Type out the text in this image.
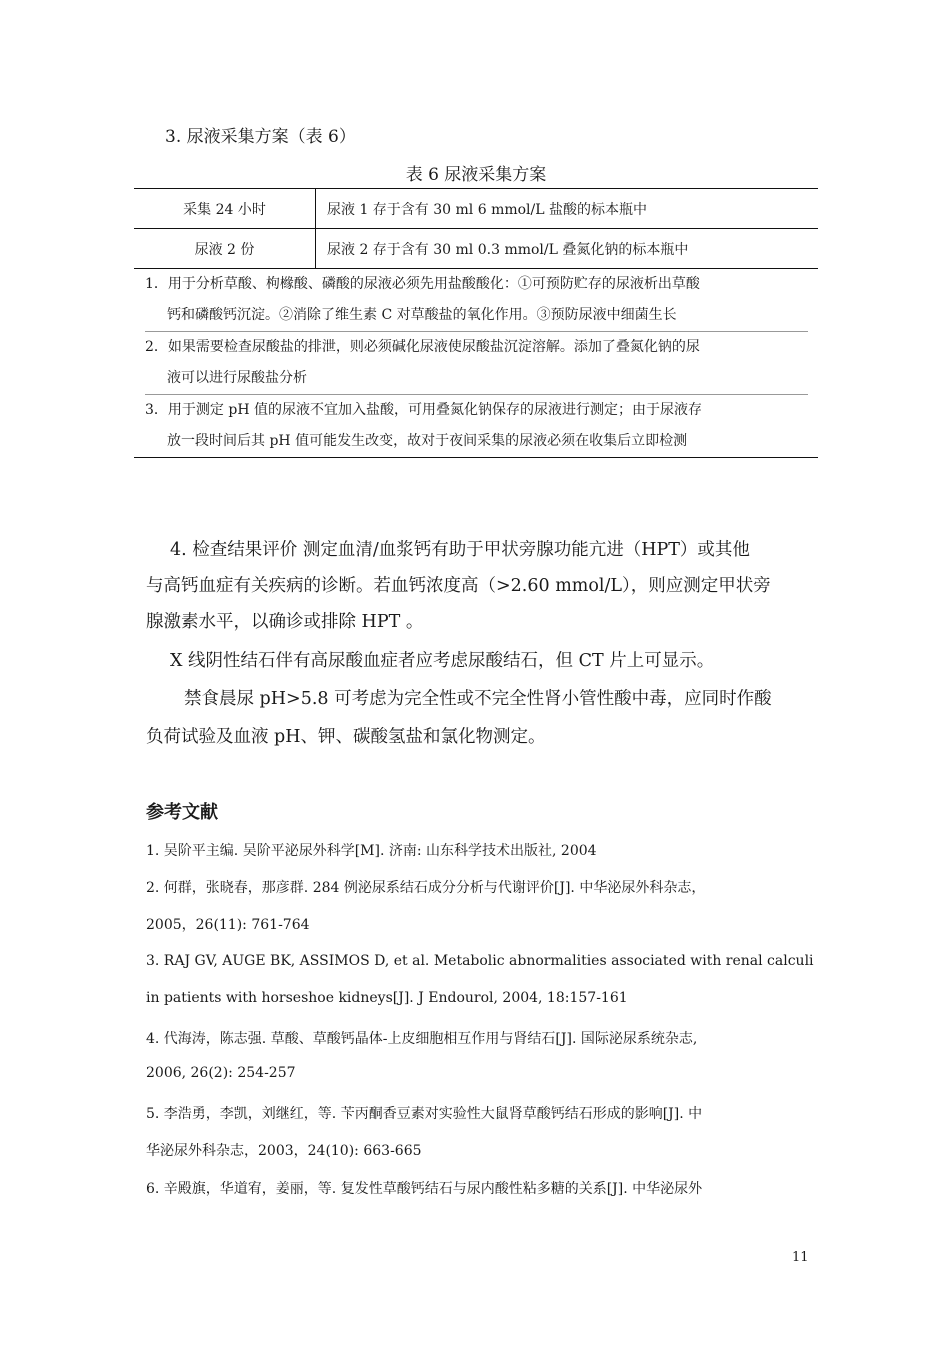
3. 尿液采集方案（表 6）
表 6 尿液采集方案
采集 24 小时	尿液 1 存于含有 30 ml 6 mmol/L 盐酸的标本瓶中
尿液 2 份	尿液 2 存于含有 30 ml 0.3 mmol/L 叠氮化钠的标本瓶中
1．用于分析草酸、枸橼酸、磷酸的尿液必须先用盐酸酸化：①可预防贮存的尿液析出草酸
钙和磷酸钙沉淀。②消除了维生素 C 对草酸盐的氧化作用。③预防尿液中细菌生长
2．如果需要检查尿酸盐的排泄，则必须碱化尿液使尿酸盐沉淀溶解。添加了叠氮化钠的尿
液可以进行尿酸盐分析
3．用于测定 pH 值的尿液不宜加入盐酸，可用叠氮化钠保存的尿液进行测定；由于尿液存
放一段时间后其 pH 值可能发生改变，故对于夜间采集的尿液必须在收集后立即检测
4. 检查结果评价 测定血清/血浆钙有助于甲状旁腺功能亢进（HPT）或其他
与高钙血症有关疾病的诊断。若血钙浓度高（>2.60 mmol/L），则应测定甲状旁
腺激素水平，以确诊或排除 HPT 。
X 线阴性结石伴有高尿酸血症者应考虑尿酸结石，但 CT 片上可显示。
禁食晨尿 pH>5.8 可考虑为完全性或不完全性肾小管性酸中毒，应同时作酸
负荷试验及血液 pH、钾、碳酸氢盐和氯化物测定。
参考文献
1. 吴阶平主编. 吴阶平泌尿外科学[M]. 济南: 山东科学技术出版社, 2004
2. 何群，张晓春，那彦群. 284 例泌尿系结石成分分析与代谢评价[J]. 中华泌尿外科杂志，
2005，26(11): 761-764
3. RAJ GV, AUGE BK, ASSIMOS D, et al. Metabolic abnormalities associated with renal calculi
in patients with horseshoe kidneys[J]. J Endourol, 2004, 18:157-161
4. 代海涛，陈志强. 草酸、草酸钙晶体-上皮细胞相互作用与肾结石[J]. 国际泌尿系统杂志,
2006, 26(2): 254-257
5. 李浩勇，李凯，刘继红，等. 苄丙酮香豆素对实验性大鼠肾草酸钙结石形成的影响[J]. 中
华泌尿外科杂志，2003，24(10): 663-665
6. 辛殿旗，华道宥，姜丽，等. 复发性草酸钙结石与尿内酸性粘多糖的关系[J]. 中华泌尿外
11
